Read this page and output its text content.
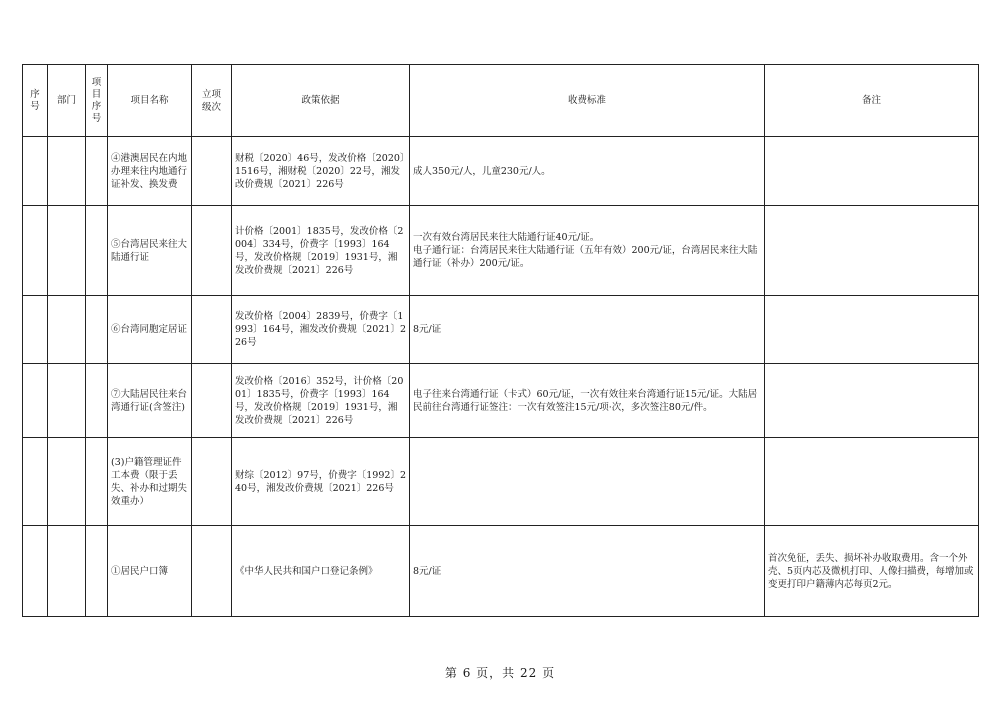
序号	部门	项目序号	项目名称	立项级次	政策依据	收费标准	备注
			④港澳居民在内地办理来往内地通行证补发、换发费		财税〔2020〕46号，发改价格〔2020〕1516号，湘财税〔2020〕22号，湘发改价费规〔2021〕226号	成人350元/人，儿童230元/人。	
			⑤台湾居民来往大陆通行证		计价格〔2001〕1835号，发改价格〔2004〕334号，价费字〔1993〕164号，发改价格规〔2019〕1931号，湘发改价费规〔2021〕226号	一次有效台湾居民来往大陆通行证40元/证。
电子通行证：台湾居民来往大陆通行证（五年有效）200元/证，台湾居民来往大陆通行证（补办）200元/证。	
			⑥台湾同胞定居证		发改价格〔2004〕2839号，价费字〔1993〕164号，湘发改价费规〔2021〕226号	8元/证	
			⑦大陆居民往来台湾通行证(含签注)		发改价格〔2016〕352号，计价格〔2001〕1835号，价费字〔1993〕164号，发改价格规〔2019〕1931号，湘发改价费规〔2021〕226号	电子往来台湾通行证（卡式）60元/证，一次有效往来台湾通行证15元/证。大陆居民前往台湾通行证签注：一次有效签注15元/项·次，多次签注80元/件。	
			(3)户籍管理证件工本费（限于丢失、补办和过期失效重办）		财综〔2012〕97号，价费字〔1992〕240号，湘发改价费规〔2021〕226号		
			①居民户口簿		《中华人民共和国户口登记条例》	8元/证	首次免征，丢失、损坏补办收取费用。含一个外壳、5页内芯及微机打印、人像扫描费，每增加或变更打印户籍薄内芯每页2元。
第 6 页，共 22 页
